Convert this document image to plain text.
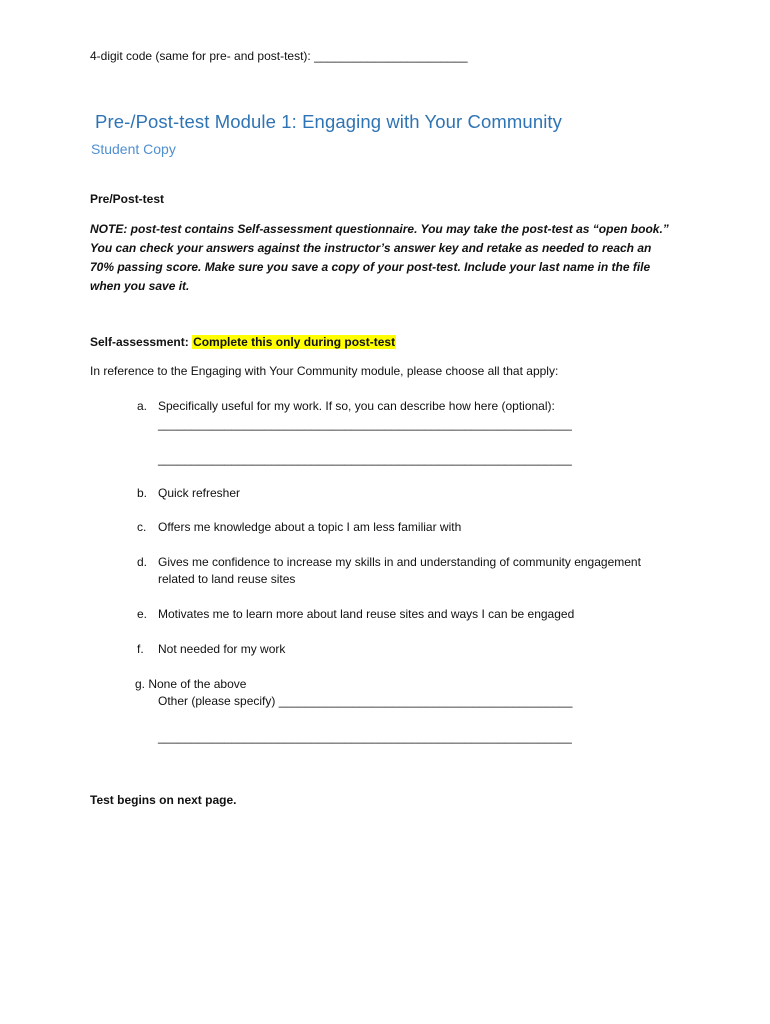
4-digit code (same for pre- and post-test): _______________________
Pre-/Post-test Module 1: Engaging with Your Community
Student Copy
Pre/Post-test
NOTE: post-test contains Self-assessment questionnaire. You may take the post-test as “open book.”
You can check your answers against the instructor’s answer key and retake as needed to reach an
70% passing score. Make sure you save a copy of your post-test. Include your last name in the file
when you save it.
Self-assessment: Complete this only during post-test
In reference to the Engaging with Your Community module, please choose all that apply:
a. Specifically useful for my work. If so, you can describe how here (optional):
______________________________________________________________
______________________________________________________________
b. Quick refresher
c. Offers me knowledge about a topic I am less familiar with
d. Gives me confidence to increase my skills in and understanding of community engagement
related to land reuse sites
e. Motivates me to learn more about land reuse sites and ways I can be engaged
f. Not needed for my work
g. None of the above
Other (please specify) ____________________________________________
______________________________________________________________
Test begins on next page.
